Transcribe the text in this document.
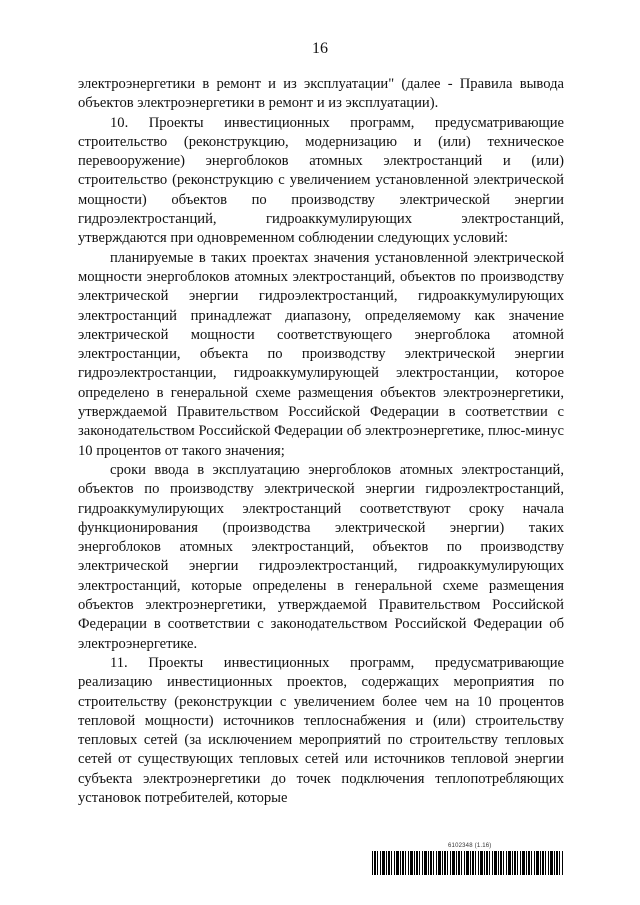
16

электроэнергетики в ремонт и из эксплуатации" (далее - Правила вывода объектов электроэнергетики в ремонт и из эксплуатации).

10. Проекты инвестиционных программ, предусматривающие строительство (реконструкцию, модернизацию и (или) техническое перевооружение) энергоблоков атомных электростанций и (или) строительство (реконструкцию с увеличением установленной электрической мощности) объектов по производству электрической энергии гидроэлектростанций, гидроаккумулирующих электростанций, утверждаются при одновременном соблюдении следующих условий:

планируемые в таких проектах значения установленной электрической мощности энергоблоков атомных электростанций, объектов по производству электрической энергии гидроэлектростанций, гидроаккумулирующих электростанций принадлежат диапазону, определяемому как значение электрической мощности соответствующего энергоблока атомной электростанции, объекта по производству электрической энергии гидроэлектростанции, гидроаккумулирующей электростанции, которое определено в генеральной схеме размещения объектов электроэнергетики, утверждаемой Правительством Российской Федерации в соответствии с законодательством Российской Федерации об электроэнергетике, плюс-минус 10 процентов от такого значения;

сроки ввода в эксплуатацию энергоблоков атомных электростанций, объектов по производству электрической энергии гидроэлектростанций, гидроаккумулирующих электростанций соответствуют сроку начала функционирования (производства электрической энергии) таких энергоблоков атомных электростанций, объектов по производству электрической энергии гидроэлектростанций, гидроаккумулирующих электростанций, которые определены в генеральной схеме размещения объектов электроэнергетики, утверждаемой Правительством Российской Федерации в соответствии с законодательством Российской Федерации об электроэнергетике.

11. Проекты инвестиционных программ, предусматривающие реализацию инвестиционных проектов, содержащих мероприятия по строительству (реконструкции с увеличением более чем на 10 процентов тепловой мощности) источников теплоснабжения и (или) строительству тепловых сетей (за исключением мероприятий по строительству тепловых сетей от существующих тепловых сетей или источников тепловой энергии субъекта электроэнергетики до точек подключения теплопотребляющих установок потребителей, которые

6102348 (1.16)
